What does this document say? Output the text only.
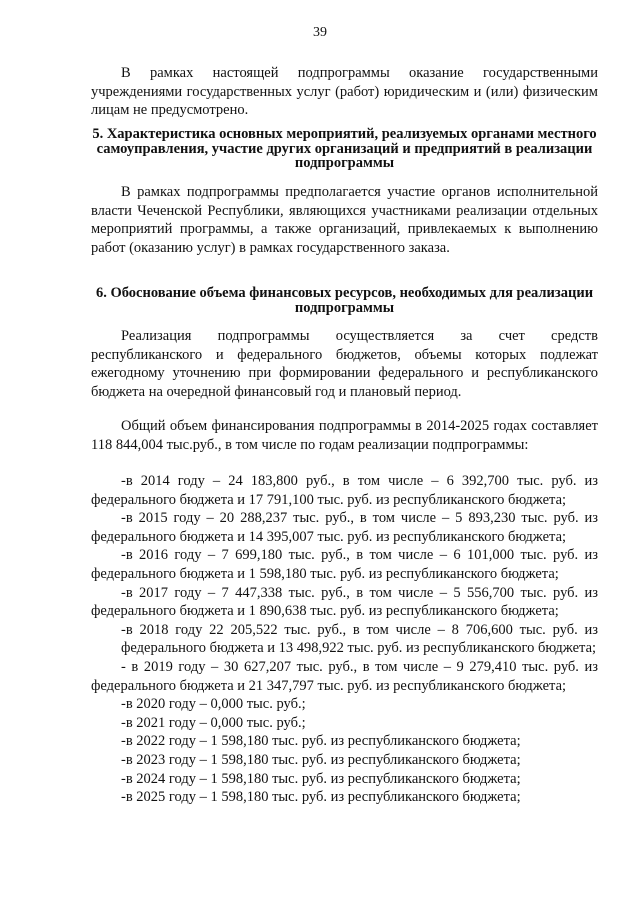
39

В рамках настоящей подпрограммы оказание государственными учреждениями государственных услуг (работ) юридическим и (или) физическим лицам не предусмотрено.

5. Характеристика основных мероприятий, реализуемых органами местного самоуправления, участие других организаций и предприятий в реализации подпрограммы

В рамках подпрограммы предполагается участие органов исполнительной власти Чеченской Республики, являющихся участниками реализации отдельных мероприятий программы, а также организаций, привлекаемых к выполнению работ (оказанию услуг) в рамках государственного заказа.

6. Обоснование объема финансовых ресурсов, необходимых для реализации подпрограммы

Реализация подпрограммы осуществляется за счет средств республиканского и федерального бюджетов, объемы которых подлежат ежегодному уточнению при формировании федерального и республиканского бюджета на очередной финансовый год и плановый период.

Общий объем финансирования подпрограммы в 2014-2025 годах составляет 118 844,004 тыс.руб., в том числе по годам реализации подпрограммы:

-в 2014 году – 24 183,800 руб., в том числе – 6 392,700 тыс. руб. из федерального бюджета и 17 791,100 тыс. руб. из республиканского бюджета;

-в 2015 году – 20 288,237 тыс. руб., в том числе – 5 893,230 тыс. руб. из федерального бюджета и 14 395,007 тыс. руб. из республиканского бюджета;

-в 2016 году – 7 699,180 тыс. руб., в том числе – 6 101,000 тыс. руб. из федерального бюджета и 1 598,180 тыс. руб. из республиканского бюджета;

-в 2017 году – 7 447,338 тыс. руб., в том числе – 5 556,700 тыс. руб. из федерального бюджета и 1 890,638 тыс. руб. из республиканского бюджета;

-в 2018 году 22 205,522 тыс. руб., в том числе – 8 706,600 тыс. руб. из федерального бюджета и 13 498,922 тыс. руб. из республиканского бюджета;

- в 2019 году – 30 627,207 тыс. руб., в том числе – 9 279,410 тыс. руб. из федерального бюджета и 21 347,797 тыс. руб. из республиканского бюджета;

-в 2020 году – 0,000 тыс. руб.;

-в 2021 году – 0,000 тыс. руб.;

-в 2022 году – 1 598,180 тыс. руб. из республиканского бюджета;

-в 2023 году – 1 598,180 тыс. руб. из республиканского бюджета;

-в 2024 году – 1 598,180 тыс. руб. из республиканского бюджета;

-в 2025 году – 1 598,180 тыс. руб. из республиканского бюджета;
